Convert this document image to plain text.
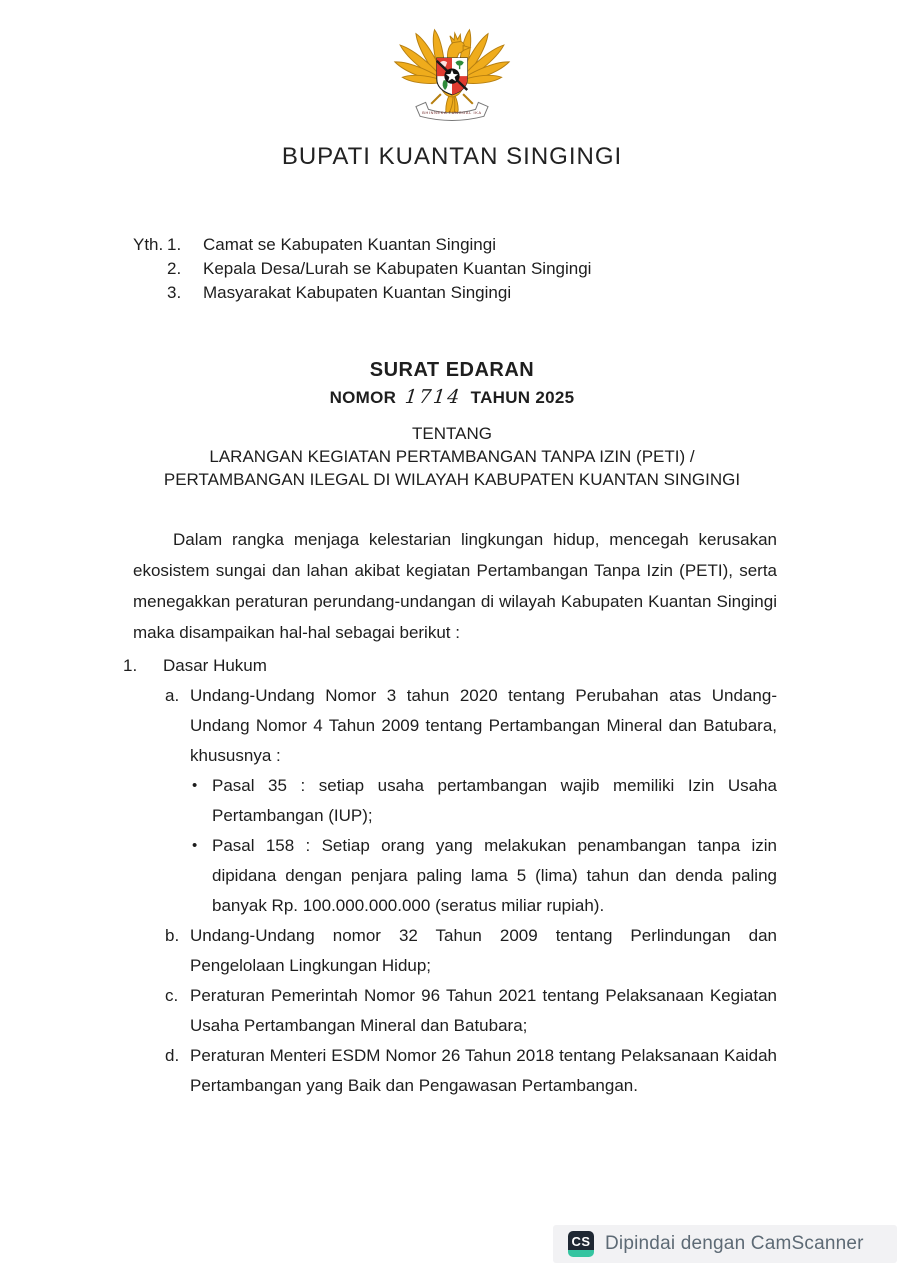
BHINNEKA TUNGGAL IKA
BUPATI KUANTAN SINGINGI
Yth. 1.	Camat se Kabupaten Kuantan Singingi
2.	Kepala Desa/Lurah se Kabupaten Kuantan Singingi
3.	Masyarakat Kabupaten Kuantan Singingi
SURAT EDARAN
NOMOR 1714 TAHUN 2025
TENTANG
LARANGAN KEGIATAN PERTAMBANGAN TANPA IZIN (PETI) /
PERTAMBANGAN ILEGAL DI WILAYAH KABUPATEN KUANTAN SINGINGI

Dalam rangka menjaga kelestarian lingkungan hidup, mencegah kerusakan ekosistem sungai dan lahan akibat kegiatan Pertambangan Tanpa Izin (PETI), serta menegakkan peraturan perundang-undangan di wilayah Kabupaten Kuantan Singingi maka disampaikan hal-hal sebagai berikut :

1.	Dasar Hukum
a. Undang-Undang Nomor 3 tahun 2020 tentang Perubahan atas Undang-Undang Nomor 4 Tahun 2009 tentang Pertambangan Mineral dan Batubara, khususnya :
• Pasal 35 : setiap usaha pertambangan wajib memiliki Izin Usaha Pertambangan (IUP);
• Pasal 158 : Setiap orang yang melakukan penambangan tanpa izin dipidana dengan penjara paling lama 5 (lima) tahun dan denda paling banyak Rp. 100.000.000.000 (seratus miliar rupiah).
b. Undang-Undang nomor 32 Tahun 2009 tentang Perlindungan dan Pengelolaan Lingkungan Hidup;
c. Peraturan Pemerintah Nomor 96 Tahun 2021 tentang Pelaksanaan Kegiatan Usaha Pertambangan Mineral dan Batubara;
d. Peraturan Menteri ESDM Nomor 26 Tahun 2018 tentang Pelaksanaan Kaidah Pertambangan yang Baik dan Pengawasan Pertambangan.
CS Dipindai dengan CamScanner
